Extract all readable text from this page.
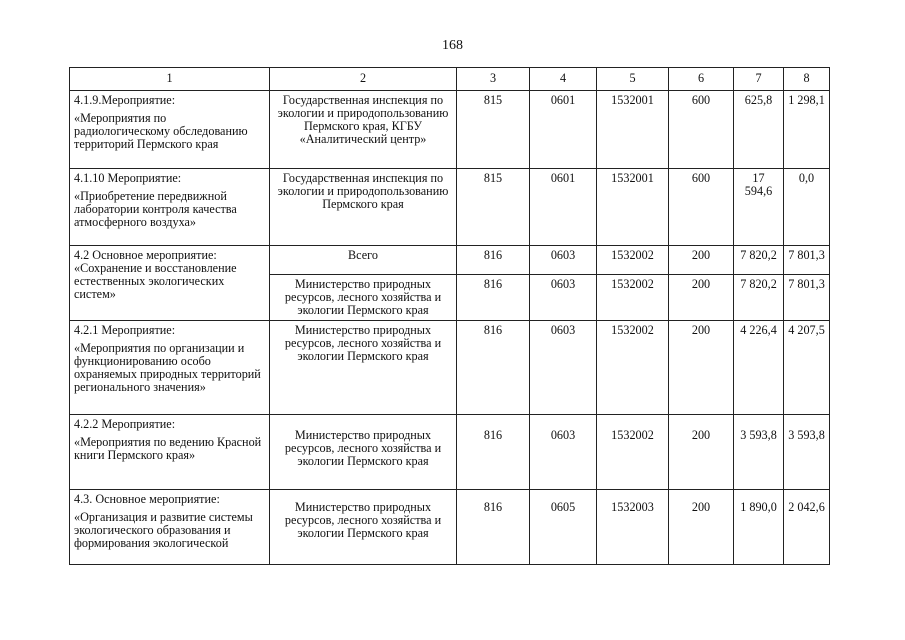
168
1	2	3	4	5	6	7	8

4.1.9.Мероприятие:

«Мероприятия по радиологическому обследованию территорий Пермского края	Государственная инспекция по экологии и природопользованию Пермского края, КГБУ «Аналитический центр»	815	0601	1532001	600	625,8	1 298,1

4.1.10 Мероприятие:

«Приобретение передвижной лаборатории контроля качества атмосферного воздуха»	Государственная инспекция по экологии и природопользованию Пермского края	815	0601	1532001	600	17 594,6	0,0

4.2 Основное мероприятие:

«Сохранение и восстановление естественных экологических систем»	Всего	816	0603	1532002	200	7 820,2	7 801,3
	Министерство природных ресурсов, лесного хозяйства и экологии Пермского края	816	0603	1532002	200	7 820,2	7 801,3

4.2.1 Мероприятие:

«Мероприятия по организации и функционированию особо охраняемых природных территорий регионального значения»	Министерство природных ресурсов, лесного хозяйства и экологии Пермского края	816	0603	1532002	200	4 226,4	4 207,5

4.2.2 Мероприятие:

«Мероприятия по ведению Красной книги Пермского края»	Министерство природных ресурсов, лесного хозяйства и экологии Пермского края	816	0603	1532002	200	3 593,8	3 593,8

4.3. Основное мероприятие:

«Организация и развитие системы экологического образования и формирования экологической	Министерство природных ресурсов, лесного хозяйства и экологии Пермского края	816	0605	1532003	200	1 890,0	2 042,6
